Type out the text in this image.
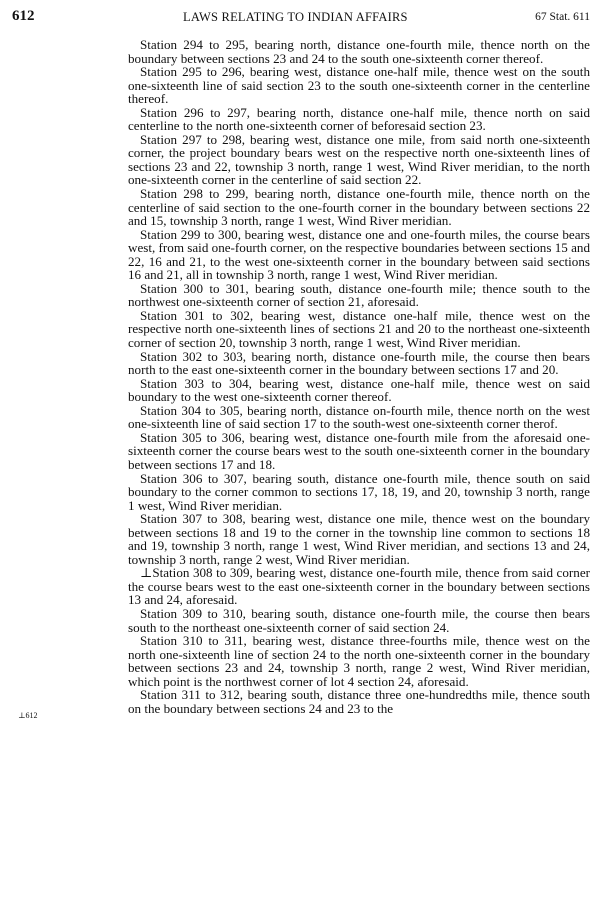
612	LAWS RELATING TO INDIAN AFFAIRS	67 Stat. 611
⊥612

Station 294 to 295, bearing north, distance one-fourth mile, thence north on the boundary between sections 23 and 24 to the south one-sixteenth corner thereof.

Station 295 to 296, bearing west, distance one-half mile, thence west on the south one-sixteenth line of said section 23 to the south one-sixteenth corner in the centerline thereof.

Station 296 to 297, bearing north, distance one-half mile, thence north on said centerline to the north one-sixteenth corner of beforesaid section 23.

Station 297 to 298, bearing west, distance one mile, from said north one-sixteenth corner, the project boundary bears west on the respective north one-sixteenth lines of sections 23 and 22, township 3 north, range 1 west, Wind River meridian, to the north one-sixteenth corner in the centerline of said section 22.

Station 298 to 299, bearing north, distance one-fourth mile, thence north on the centerline of said section to the one-fourth corner in the boundary between sections 22 and 15, township 3 north, range 1 west, Wind River meridian.

Station 299 to 300, bearing west, distance one and one-fourth miles, the course bears west, from said one-fourth corner, on the respective boundaries between sections 15 and 22, 16 and 21, to the west one-sixteenth corner in the boundary between said sections 16 and 21, all in township 3 north, range 1 west, Wind River meridian.

Station 300 to 301, bearing south, distance one-fourth mile; thence south to the northwest one-sixteenth corner of section 21, aforesaid.

Station 301 to 302, bearing west, distance one-half mile, thence west on the respective north one-sixteenth lines of sections 21 and 20 to the northeast one-sixteenth corner of section 20, township 3 north, range 1 west, Wind River meridian.

Station 302 to 303, bearing north, distance one-fourth mile, the course then bears north to the east one-sixteenth corner in the boundary between sections 17 and 20.

Station 303 to 304, bearing west, distance one-half mile, thence west on said boundary to the west one-sixteenth corner thereof.

Station 304 to 305, bearing north, distance on-fourth mile, thence north on the west one-sixteenth line of said section 17 to the south-west one-sixteenth corner therof.

Station 305 to 306, bearing west, distance one-fourth mile from the aforesaid one-sixteenth corner the course bears west to the south one-sixteenth corner in the boundary between sections 17 and 18.

Station 306 to 307, bearing south, distance one-fourth mile, thence south on said boundary to the corner common to sections 17, 18, 19, and 20, township 3 north, range 1 west, Wind River meridian.

Station 307 to 308, bearing west, distance one mile, thence west on the boundary between sections 18 and 19 to the corner in the township line common to sections 18 and 19, township 3 north, range 1 west, Wind River meridian, and sections 13 and 24, township 3 north, range 2 west, Wind River meridian.

⊥Station 308 to 309, bearing west, distance one-fourth mile, thence from said corner the course bears west to the east one-sixteenth corner in the boundary between sections 13 and 24, aforesaid.

Station 309 to 310, bearing south, distance one-fourth mile, the course then bears south to the northeast one-sixteenth corner of said section 24.

Station 310 to 311, bearing west, distance three-fourths mile, thence west on the north one-sixteenth line of section 24 to the north one-sixteenth corner in the boundary between sections 23 and 24, township 3 north, range 2 west, Wind River meridian, which point is the northwest corner of lot 4 section 24, aforesaid.

Station 311 to 312, bearing south, distance three one-hundredths mile, thence south on the boundary between sections 24 and 23 to the
